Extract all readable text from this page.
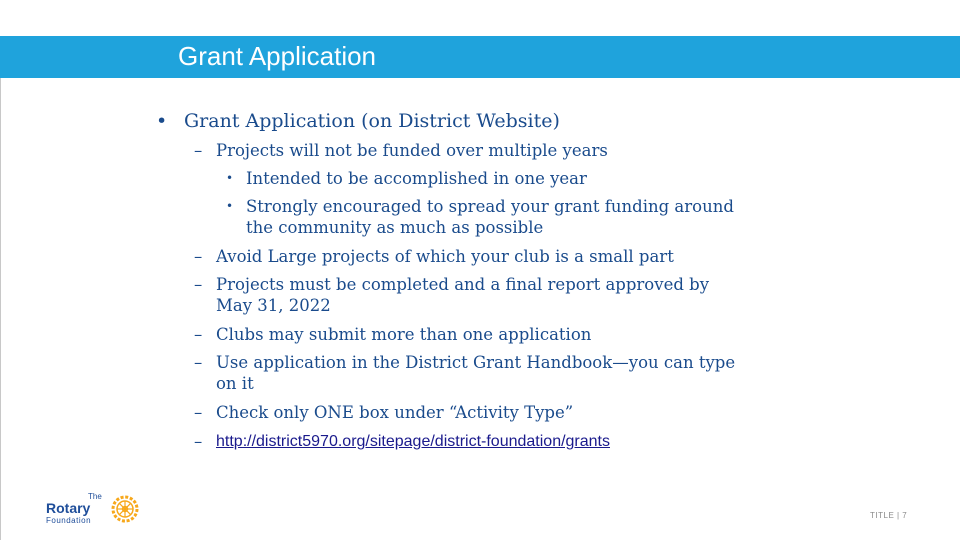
Grant Application
• Grant Application (on District Website)
– Projects will not be funded over multiple years
• Intended to be accomplished in one year
• Strongly encouraged to spread your grant funding around
the community as much as possible
– Avoid Large projects of which your club is a small part
– Projects must be completed and a final report approved by
May 31, 2022
– Clubs may submit more than one application
– Use application in the District Grant Handbook—you can type
on it
– Check only ONE box under “Activity Type”
– http://district5970.org/sitepage/district-foundation/grants
The
Rotary
Foundation
TITLE | 7
